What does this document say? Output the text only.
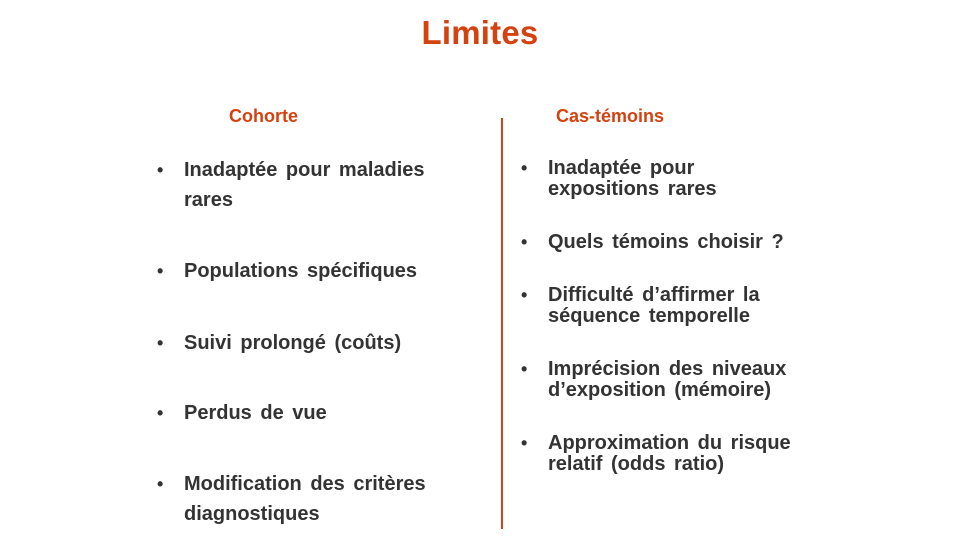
Limites
Cohorte	Cas-témoins
• Inadaptée pour maladies rares
• Populations spécifiques
• Suivi prolongé (coûts)
• Perdus de vue
• Modification des critères diagnostiques
• Inadaptée pour expositions rares
• Quels témoins choisir ?
• Difficulté d’affirmer la séquence temporelle
• Imprécision des niveaux d’exposition (mémoire)
• Approximation du risque relatif (odds ratio)
